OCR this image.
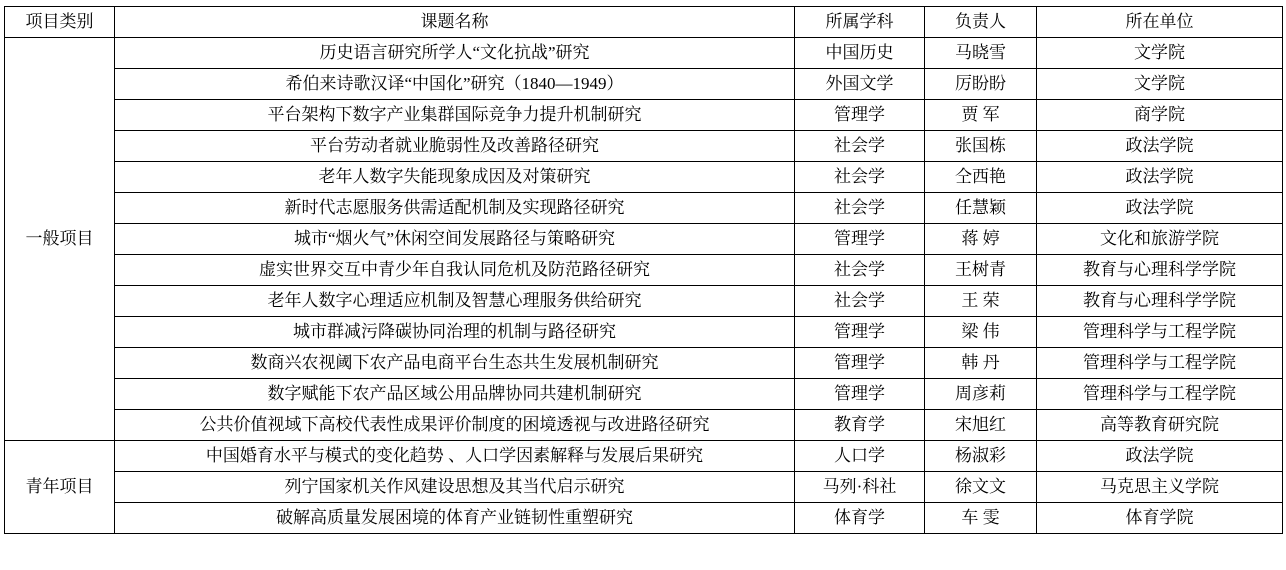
项目类别	课题名称	所属学科	负责人	所在单位
一般项目	历史语言研究所学人“文化抗战”研究	中国历史	马晓雪	文学院
	希伯来诗歌汉译“中国化”研究（1840—1949）	外国文学	厉盼盼	文学院
	平台架构下数字产业集群国际竞争力提升机制研究	管理学	贾 军	商学院
	平台劳动者就业脆弱性及改善路径研究	社会学	张国栋	政法学院
	老年人数字失能现象成因及对策研究	社会学	仝西艳	政法学院
	新时代志愿服务供需适配机制及实现路径研究	社会学	任慧颖	政法学院
	城市“烟火气”休闲空间发展路径与策略研究	管理学	蒋 婷	文化和旅游学院
	虚实世界交互中青少年自我认同危机及防范路径研究	社会学	王树青	教育与心理科学学院
	老年人数字心理适应机制及智慧心理服务供给研究	社会学	王 荣	教育与心理科学学院
	城市群减污降碳协同治理的机制与路径研究	管理学	梁 伟	管理科学与工程学院
	数商兴农视阈下农产品电商平台生态共生发展机制研究	管理学	韩 丹	管理科学与工程学院
	数字赋能下农产品区域公用品牌协同共建机制研究	管理学	周彦莉	管理科学与工程学院
	公共价值视域下高校代表性成果评价制度的困境透视与改进路径研究	教育学	宋旭红	高等教育研究院
青年项目	中国婚育水平与模式的变化趋势 、人口学因素解释与发展后果研究	人口学	杨淑彩	政法学院
	列宁国家机关作风建设思想及其当代启示研究	马列·科社	徐文文	马克思主义学院
	破解高质量发展困境的体育产业链韧性重塑研究	体育学	车 雯	体育学院
